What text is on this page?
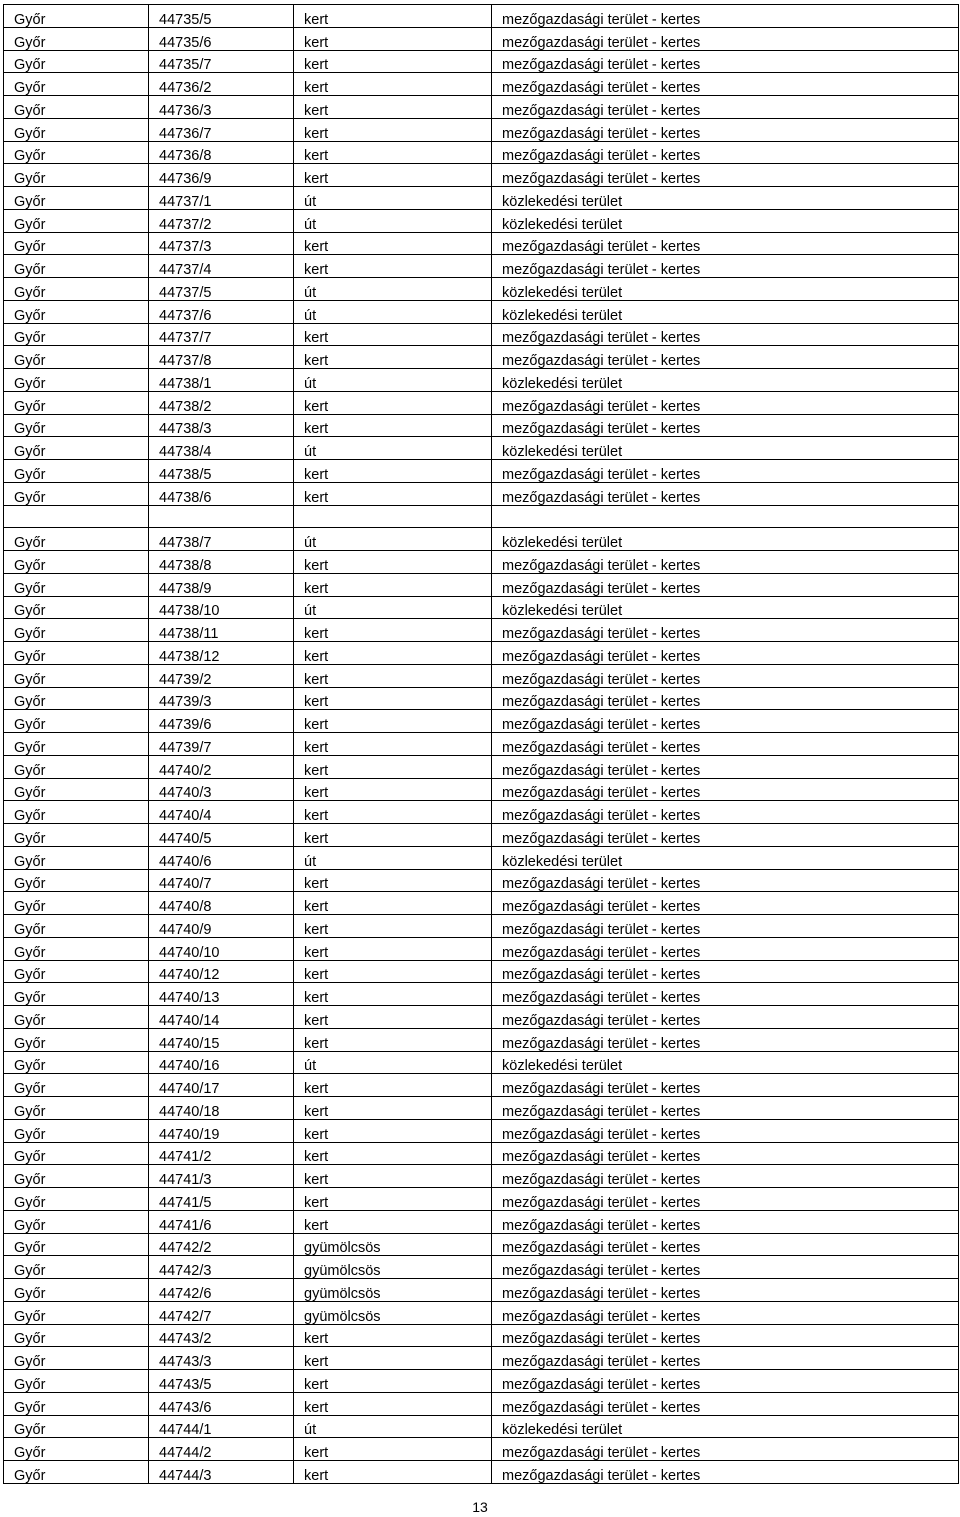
Győr	44735/5	kert	mezőgazdasági terület - kertes
Győr	44735/6	kert	mezőgazdasági terület - kertes
Győr	44735/7	kert	mezőgazdasági terület - kertes
Győr	44736/2	kert	mezőgazdasági terület - kertes
Győr	44736/3	kert	mezőgazdasági terület - kertes
Győr	44736/7	kert	mezőgazdasági terület - kertes
Győr	44736/8	kert	mezőgazdasági terület - kertes
Győr	44736/9	kert	mezőgazdasági terület - kertes
Győr	44737/1	út	közlekedési terület
Győr	44737/2	út	közlekedési terület
Győr	44737/3	kert	mezőgazdasági terület - kertes
Győr	44737/4	kert	mezőgazdasági terület - kertes
Győr	44737/5	út	közlekedési terület
Győr	44737/6	út	közlekedési terület
Győr	44737/7	kert	mezőgazdasági terület - kertes
Győr	44737/8	kert	mezőgazdasági terület - kertes
Győr	44738/1	út	közlekedési terület
Győr	44738/2	kert	mezőgazdasági terület - kertes
Győr	44738/3	kert	mezőgazdasági terület - kertes
Győr	44738/4	út	közlekedési terület
Győr	44738/5	kert	mezőgazdasági terület - kertes
Győr	44738/6	kert	mezőgazdasági terület - kertes

Győr	44738/7	út	közlekedési terület
Győr	44738/8	kert	mezőgazdasági terület - kertes
Győr	44738/9	kert	mezőgazdasági terület - kertes
Győr	44738/10	út	közlekedési terület
Győr	44738/11	kert	mezőgazdasági terület - kertes
Győr	44738/12	kert	mezőgazdasági terület - kertes
Győr	44739/2	kert	mezőgazdasági terület - kertes
Győr	44739/3	kert	mezőgazdasági terület - kertes
Győr	44739/6	kert	mezőgazdasági terület - kertes
Győr	44739/7	kert	mezőgazdasági terület - kertes
Győr	44740/2	kert	mezőgazdasági terület - kertes
Győr	44740/3	kert	mezőgazdasági terület - kertes
Győr	44740/4	kert	mezőgazdasági terület - kertes
Győr	44740/5	kert	mezőgazdasági terület - kertes
Győr	44740/6	út	közlekedési terület
Győr	44740/7	kert	mezőgazdasági terület - kertes
Győr	44740/8	kert	mezőgazdasági terület - kertes
Győr	44740/9	kert	mezőgazdasági terület - kertes
Győr	44740/10	kert	mezőgazdasági terület - kertes
Győr	44740/12	kert	mezőgazdasági terület - kertes
Győr	44740/13	kert	mezőgazdasági terület - kertes
Győr	44740/14	kert	mezőgazdasági terület - kertes
Győr	44740/15	kert	mezőgazdasági terület - kertes
Győr	44740/16	út	közlekedési terület
Győr	44740/17	kert	mezőgazdasági terület - kertes
Győr	44740/18	kert	mezőgazdasági terület - kertes
Győr	44740/19	kert	mezőgazdasági terület - kertes
Győr	44741/2	kert	mezőgazdasági terület - kertes
Győr	44741/3	kert	mezőgazdasági terület - kertes
Győr	44741/5	kert	mezőgazdasági terület - kertes
Győr	44741/6	kert	mezőgazdasági terület - kertes
Győr	44742/2	gyümölcsös	mezőgazdasági terület - kertes
Győr	44742/3	gyümölcsös	mezőgazdasági terület - kertes
Győr	44742/6	gyümölcsös	mezőgazdasági terület - kertes
Győr	44742/7	gyümölcsös	mezőgazdasági terület - kertes
Győr	44743/2	kert	mezőgazdasági terület - kertes
Győr	44743/3	kert	mezőgazdasági terület - kertes
Győr	44743/5	kert	mezőgazdasági terület - kertes
Győr	44743/6	kert	mezőgazdasági terület - kertes
Győr	44744/1	út	közlekedési terület
Győr	44744/2	kert	mezőgazdasági terület - kertes
Győr	44744/3	kert	mezőgazdasági terület - kertes
13
